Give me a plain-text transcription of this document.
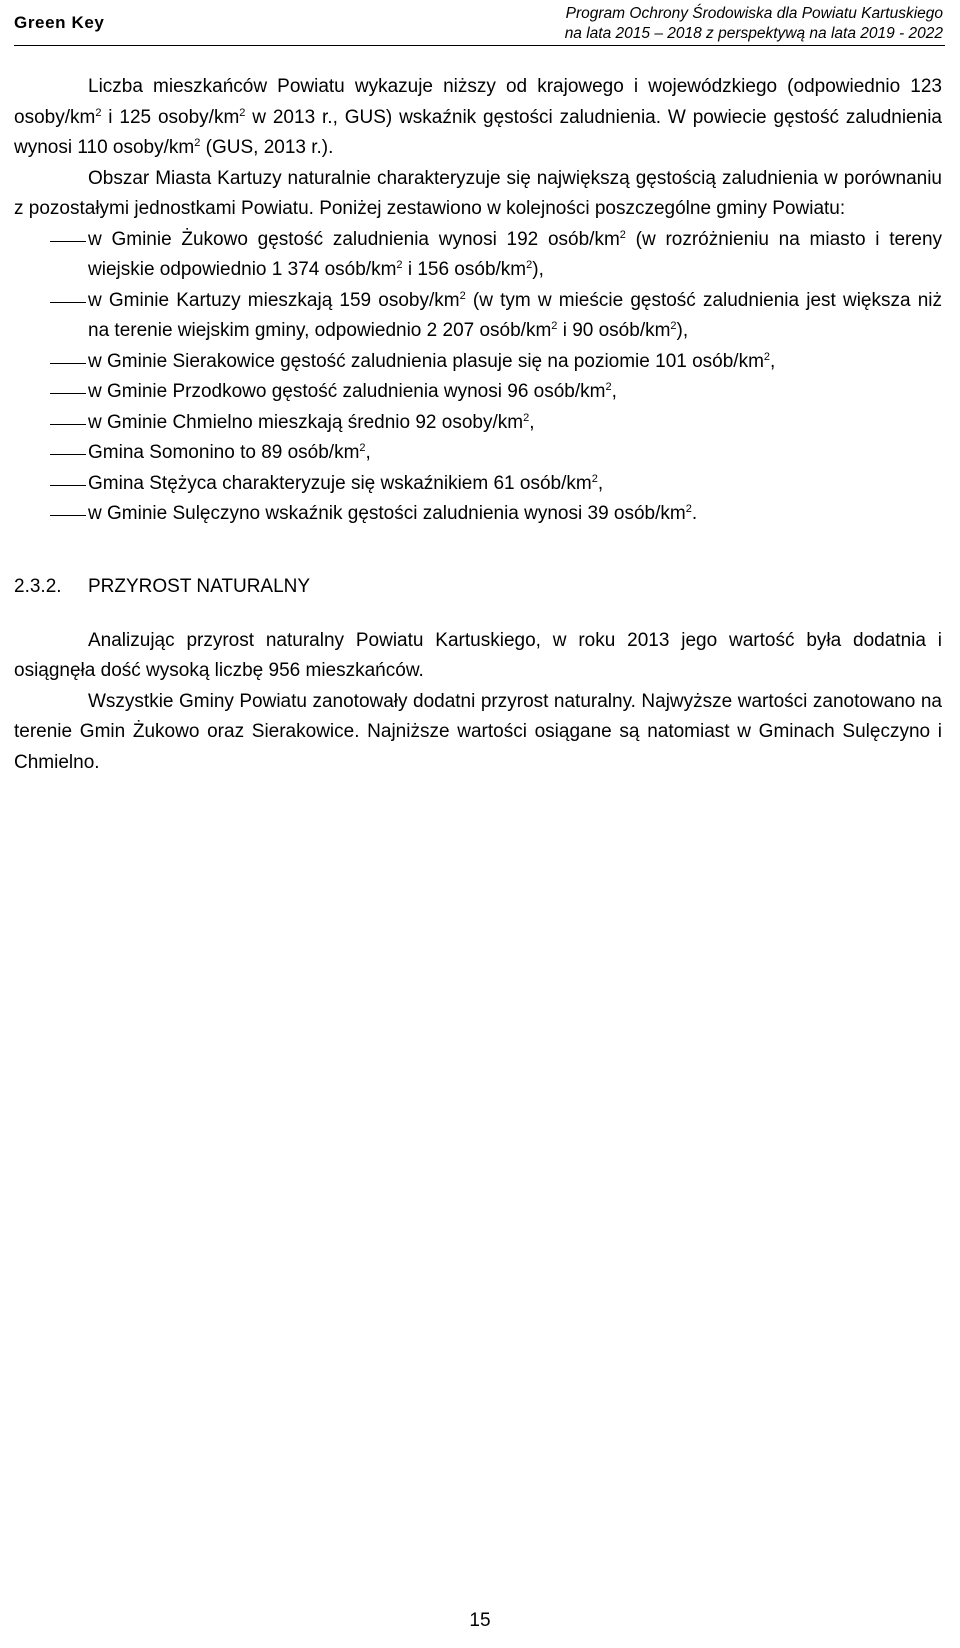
Green Key	Program Ochrony Środowiska dla Powiatu Kartuskiego
na lata 2015 – 2018 z perspektywą na lata 2019 - 2022

Liczba mieszkańców Powiatu wykazuje niższy od krajowego i wojewódzkiego (odpowiednio 123 osoby/$km^2$ i 125 osoby/$km^2$ w 2013 r., GUS) wskaźnik gęstości zaludnienia. W powiecie gęstość zaludnienia wynosi 110 osoby/$km^2$ (GUS, 2013 r.).

Obszar Miasta Kartuzy naturalnie charakteryzuje się największą gęstością zaludnienia w porównaniu z pozostałymi jednostkami Powiatu. Poniżej zestawiono w kolejności poszczególne gminy Powiatu:

w Gminie Żukowo gęstość zaludnienia wynosi 192 osób/$km^2$ (w rozróżnieniu na miasto i tereny wiejskie odpowiednio 1 374 osób/$km^2$ i 156 osób/$km^2$),
w Gminie Kartuzy mieszkają 159 osoby/$km^2$ (w tym w mieście gęstość zaludnienia jest większa niż na terenie wiejskim gminy, odpowiednio 2 207 osób/$km^2$ i 90 osób/$km^2$),
w Gminie Sierakowice gęstość zaludnienia plasuje się na poziomie 101 osób/$km^2$,
w Gminie Przodkowo gęstość zaludnienia wynosi 96 osób/$km^2$,
w Gminie Chmielno mieszkają średnio 92 osoby/$km^2$,
Gmina Somonino to 89 osób/$km^2$,
Gmina Stężyca charakteryzuje się wskaźnikiem 61 osób/$km^2$,
w Gminie Sulęczyno wskaźnik gęstości zaludnienia wynosi 39 osób/$km^2$.
2.3.2. PRZYROST NATURALNY

Analizując przyrost naturalny Powiatu Kartuskiego, w roku 2013 jego wartość była dodatnia i osiągnęła dość wysoką liczbę 956 mieszkańców.

Wszystkie Gminy Powiatu zanotowały dodatni przyrost naturalny. Najwyższe wartości zanotowano na terenie Gmin Żukowo oraz Sierakowice. Najniższe wartości osiągane są natomiast w Gminach Sulęczyno i Chmielno.

15
